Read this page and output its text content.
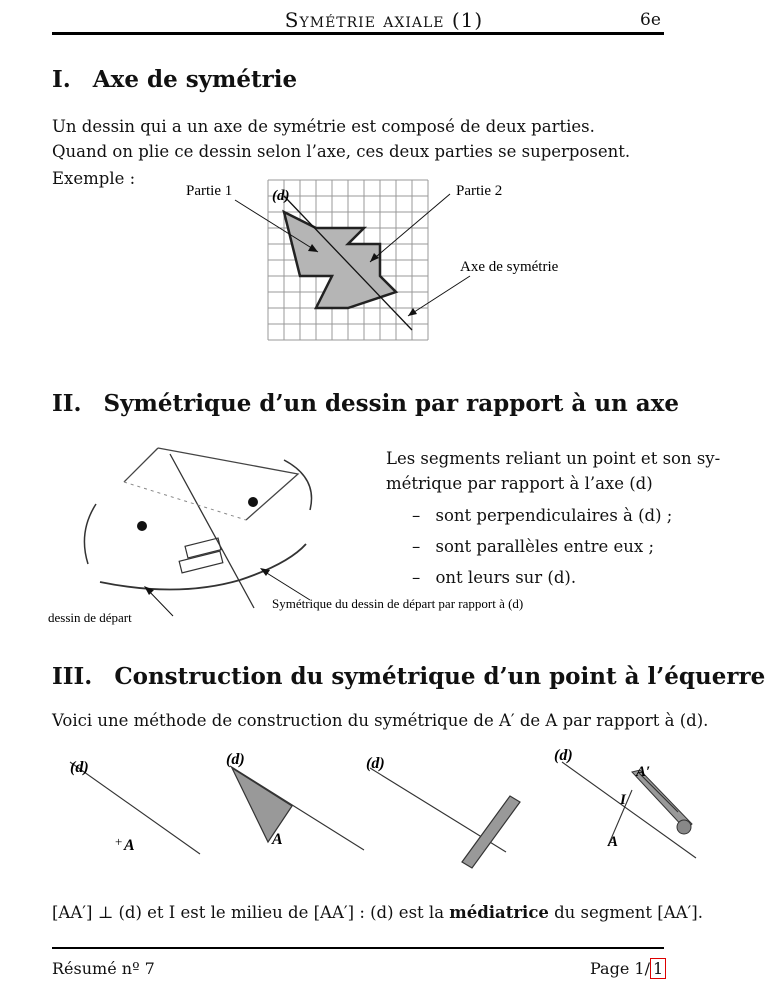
Symétrie axiale (1)	6e
I. Axe de symétrie
Un dessin qui a un axe de symétrie est composé de deux parties.
Quand on plie ce dessin selon l’axe, ces deux parties se superposent.
Exemple :
Partie 1	(d)	Partie 2
Axe de symétrie
II. Symétrique d’un dessin par rapport à un axe
Les segments reliant un point et son sy-
métrique par rapport à l’axe (d)
– sont perpendiculaires à (d) ;
– sont parallèles entre eux ;
– ont leurs sur (d).
dessin de départ
Symétrique du dessin de départ par rapport à (d)
III. Construction du symétrique d’un point à l’équerre
Voici une méthode de construction du symétrique de A′ de A par rapport à (d).
(d)
+ A
(d)
A
(d)	(d)
I
A′
A
[AA′] ⊥ (d) et I est le milieu de [AA′] : (d) est la médiatrice du segment [AA′].
Résumé nº 7	Page 1/ 1
